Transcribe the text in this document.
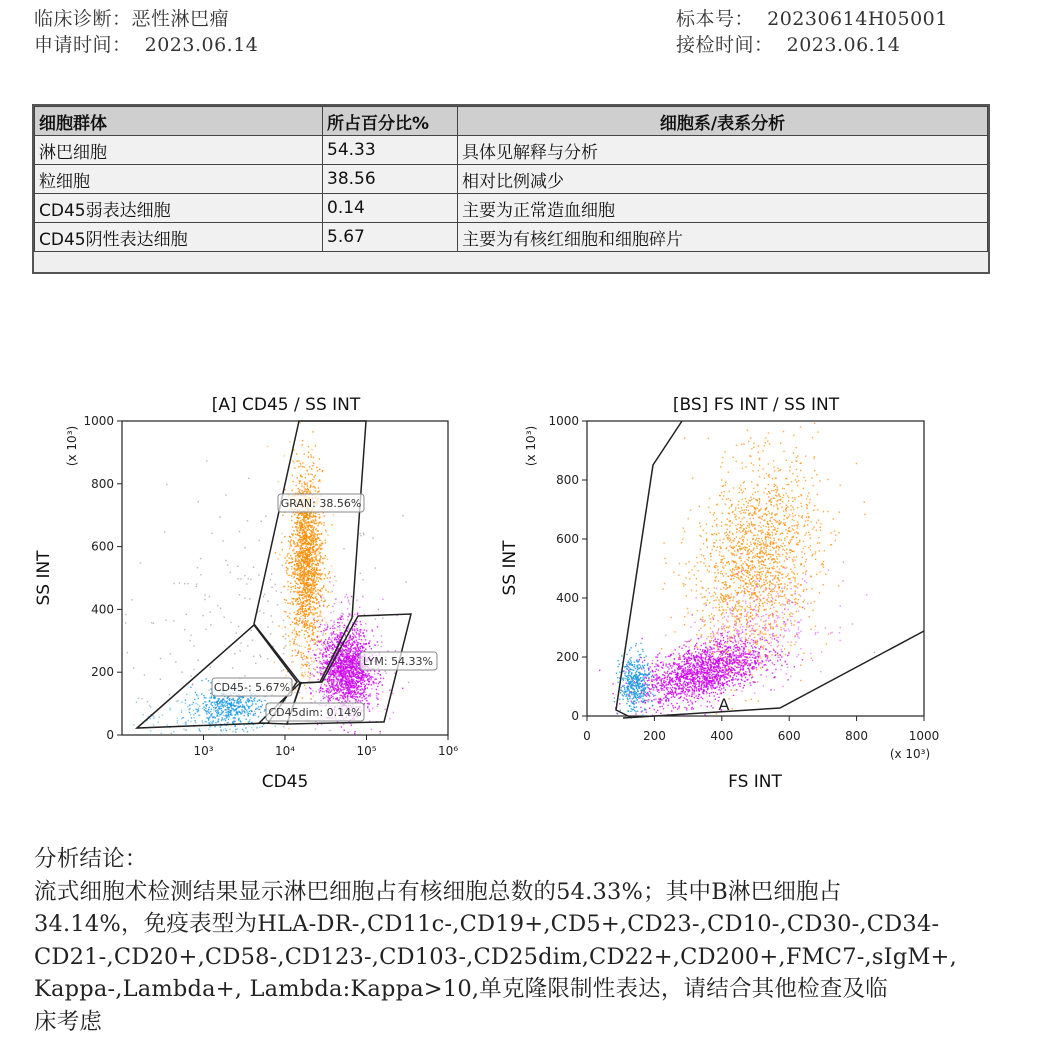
临床诊断：恶性淋巴瘤
申请时间： 2023.06.14
标本号： 20230614H05001
接检时间： 2023.06.14
细胞群体	所占百分比%	细胞系/表系分析
淋巴细胞	54.33	具体见解释与分析
粒细胞	38.56	相对比例减少
CD45弱表达细胞	0.14	主要为正常造血细胞
CD45阴性表达细胞	5.67	主要为有核红细胞和细胞碎片
[A] CD45 / SS INT
GRAN: 38.56%
LYM: 54.33%
CD45-: 5.67%
CD45dim: 0.14%
0
200
400
600
800
1000
10³	10⁴	10⁵	10⁶
(x 10³)
SS INT
CD45
[BS] FS INT / SS INT
A
0
200
400
600
800
1000
0	200	400	600	800	1000
(x 10³)
SS INT
(x 10³)
FS INT

分析结论：

流式细胞术检测结果显示淋巴细胞占有核细胞总数的54.33%；其中B淋巴细胞占

34.14%，免疫表型为HLA-DR-,CD11c-,CD19+,CD5+,CD23-,CD10-,CD30-,CD34-

CD21-,CD20+,CD58-,CD123-,CD103-,CD25dim,CD22+,CD200+,FMC7-,sIgM+,

Kappa-,Lambda+, Lambda:Kappa>10,单克隆限制性表达，请结合其他检查及临

床考虑
